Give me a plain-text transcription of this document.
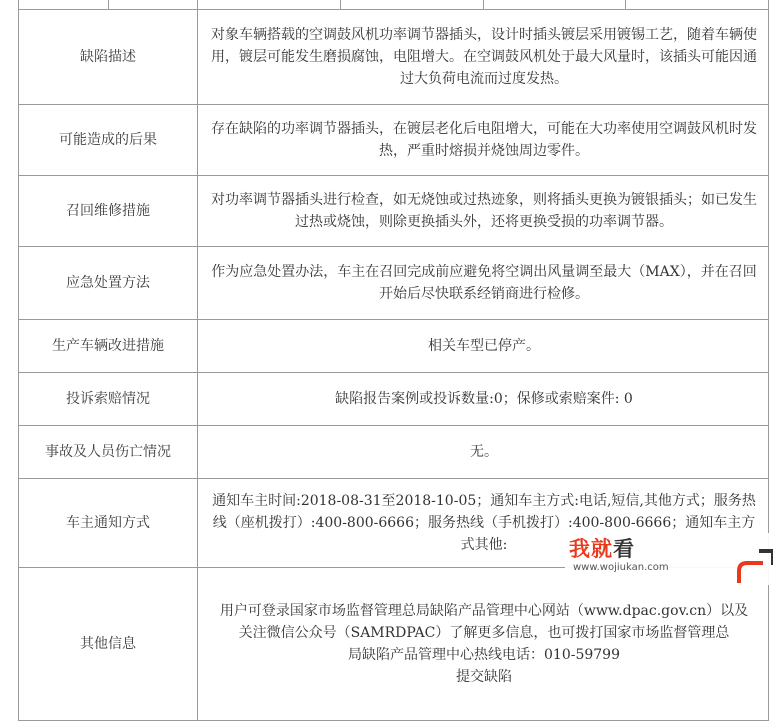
缺陷描述	对象车辆搭载的空调鼓风机功率调节器插头，设计时插头镀层采用镀锡工艺，随着车辆使用，镀层可能发生磨损腐蚀，电阻增大。在空调鼓风机处于最大风量时，该插头可能因通过大负荷电流而过度发热。
可能造成的后果	存在缺陷的功率调节器插头，在镀层老化后电阻增大，可能在大功率使用空调鼓风机时发热，严重时熔损并烧蚀周边零件。
召回维修措施	对功率调节器插头进行检查，如无烧蚀或过热迹象，则将插头更换为镀银插头；如已发生过热或烧蚀，则除更换插头外，还将更换受损的功率调节器。
应急处置方法	作为应急处置办法，车主在召回完成前应避免将空调出风量调至最大（MAX），并在召回开始后尽快联系经销商进行检修。
生产车辆改进措施	相关车型已停产。
投诉索赔情况	缺陷报告案例或投诉数量:0；保修或索赔案件: 0
事故及人员伤亡情况	无。
车主通知方式	通知车主时间:2018-08-31至2018-10-05；通知车主方式:电话,短信,其他方式；服务热线（座机拨打）:400-800-6666；服务热线（手机拨打）:400-800-6666；通知车主方式其他:
其他信息	用户可登录国家市场监督管理总局缺陷产品管理中心网站（www.dpac.gov.cn）以及
关注微信公众号（SAMRDPAC）了解更多信息，也可拨打国家市场监督管理总
局缺陷产品管理中心热线电话：010-59799
提交缺陷
我就看
www.wojiukan.com
